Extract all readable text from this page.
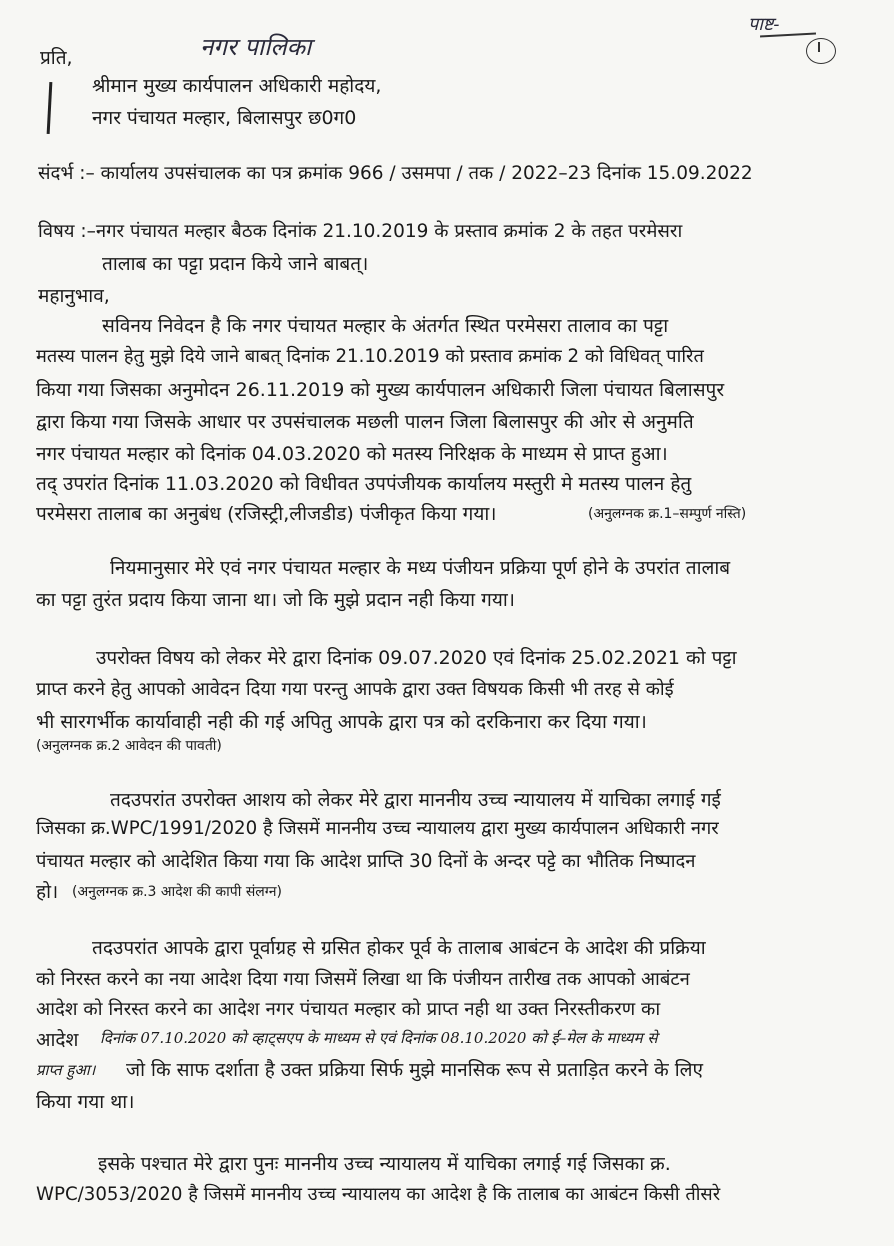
पाष्ट-
प्रति,	नगर पालिका
श्रीमान मुख्य कार्यपालन अधिकारी महोदय,
नगर पंचायत मल्हार, बिलासपुर छ0ग0
संदर्भ :– कार्यालय उपसंचालक का पत्र क्रमांक 966 / उसमपा / तक / 2022–23 दिनांक 15.09.2022
विषय :–नगर पंचायत मल्हार बैठक दिनांक 21.10.2019 के प्रस्ताव क्रमांक 2 के तहत परमेसरा
तालाब का पट्टा प्रदान किये जाने बाबत्।
महानुभाव,
सविनय निवेदन है कि नगर पंचायत मल्हार के अंतर्गत स्थित परमेसरा तालाव का पट्टा
मतस्य पालन हेतु मुझे दिये जाने बाबत् दिनांक 21.10.2019 को प्रस्ताव क्रमांक 2 को विधिवत् पारित
किया गया जिसका अनुमोदन 26.11.2019 को मुख्य कार्यपालन अधिकारी जिला पंचायत बिलासपुर
द्वारा किया गया जिसके आधार पर उपसंचालक मछली पालन जिला बिलासपुर की ओर से अनुमति
नगर पंचायत मल्हार को दिनांक 04.03.2020 को मतस्य निरिक्षक के माध्यम से प्राप्त हुआ।
तद् उपरांत दिनांक 11.03.2020 को विधीवत उपपंजीयक कार्यालय मस्तुरी मे मतस्य पालन हेतु
परमेसरा तालाब का अनुबंध (रजिस्ट्री,लीजडीड) पंजीकृत किया गया।	(अनुलग्नक क्र.1–सम्पुर्ण नस्ति)
नियमानुसार मेरे एवं नगर पंचायत मल्हार के मध्य पंजीयन प्रक्रिया पूर्ण होने के उपरांत तालाब
का पट्टा तुरंत प्रदाय किया जाना था। जो कि मुझे प्रदान नही किया गया।
उपरोक्त विषय को लेकर मेरे द्वारा दिनांक 09.07.2020 एवं दिनांक 25.02.2021 को पट्टा
प्राप्त करने हेतु आपको आवेदन दिया गया परन्तु आपके द्वारा उक्त विषयक किसी भी तरह से कोई
भी सारगर्भीक कार्यावाही नही की गई अपितु आपके द्वारा पत्र को दरकिनारा कर दिया गया।
(अनुलग्नक क्र.2 आवेदन की पावती)
तदउपरांत उपरोक्त आशय को लेकर मेरे द्वारा माननीय उच्च न्यायालय में याचिका लगाई गई
जिसका क्र.WPC/1991/2020 है जिसमें माननीय उच्च न्यायालय द्वारा मुख्य कार्यपालन अधिकारी नगर
पंचायत मल्हार को आदेशित किया गया कि आदेश प्राप्ति 30 दिनों के अन्दर पट्टे का भौतिक निष्पादन
हो। (अनुलग्नक क्र.3 आदेश की कापी संलग्न)
तदउपरांत आपके द्वारा पूर्वाग्रह से ग्रसित होकर पूर्व के तालाब आबंटन के आदेश की प्रक्रिया
को निरस्त करने का नया आदेश दिया गया जिसमें लिखा था कि पंजीयन तारीख तक आपको आबंटन
आदेश को निरस्त करने का आदेश नगर पंचायत मल्हार को प्राप्त नही था उक्त निरस्तीकरण का
आदेश दिनांक 07.10.2020 को व्हाट्सएप के माध्यम से एवं दिनांक 08.10.2020 को ई–मेल के माध्यम से
प्राप्त हुआ। जो कि साफ दर्शाता है उक्त प्रक्रिया सिर्फ मुझे मानसिक रूप से प्रताड़ित करने के लिए
किया गया था।
इसके पश्चात मेरे द्वारा पुनः माननीय उच्च न्यायालय में याचिका लगाई गई जिसका क्र.
WPC/3053/2020 है जिसमें माननीय उच्च न्यायालय का आदेश है कि तालाब का आबंटन किसी तीसरे
